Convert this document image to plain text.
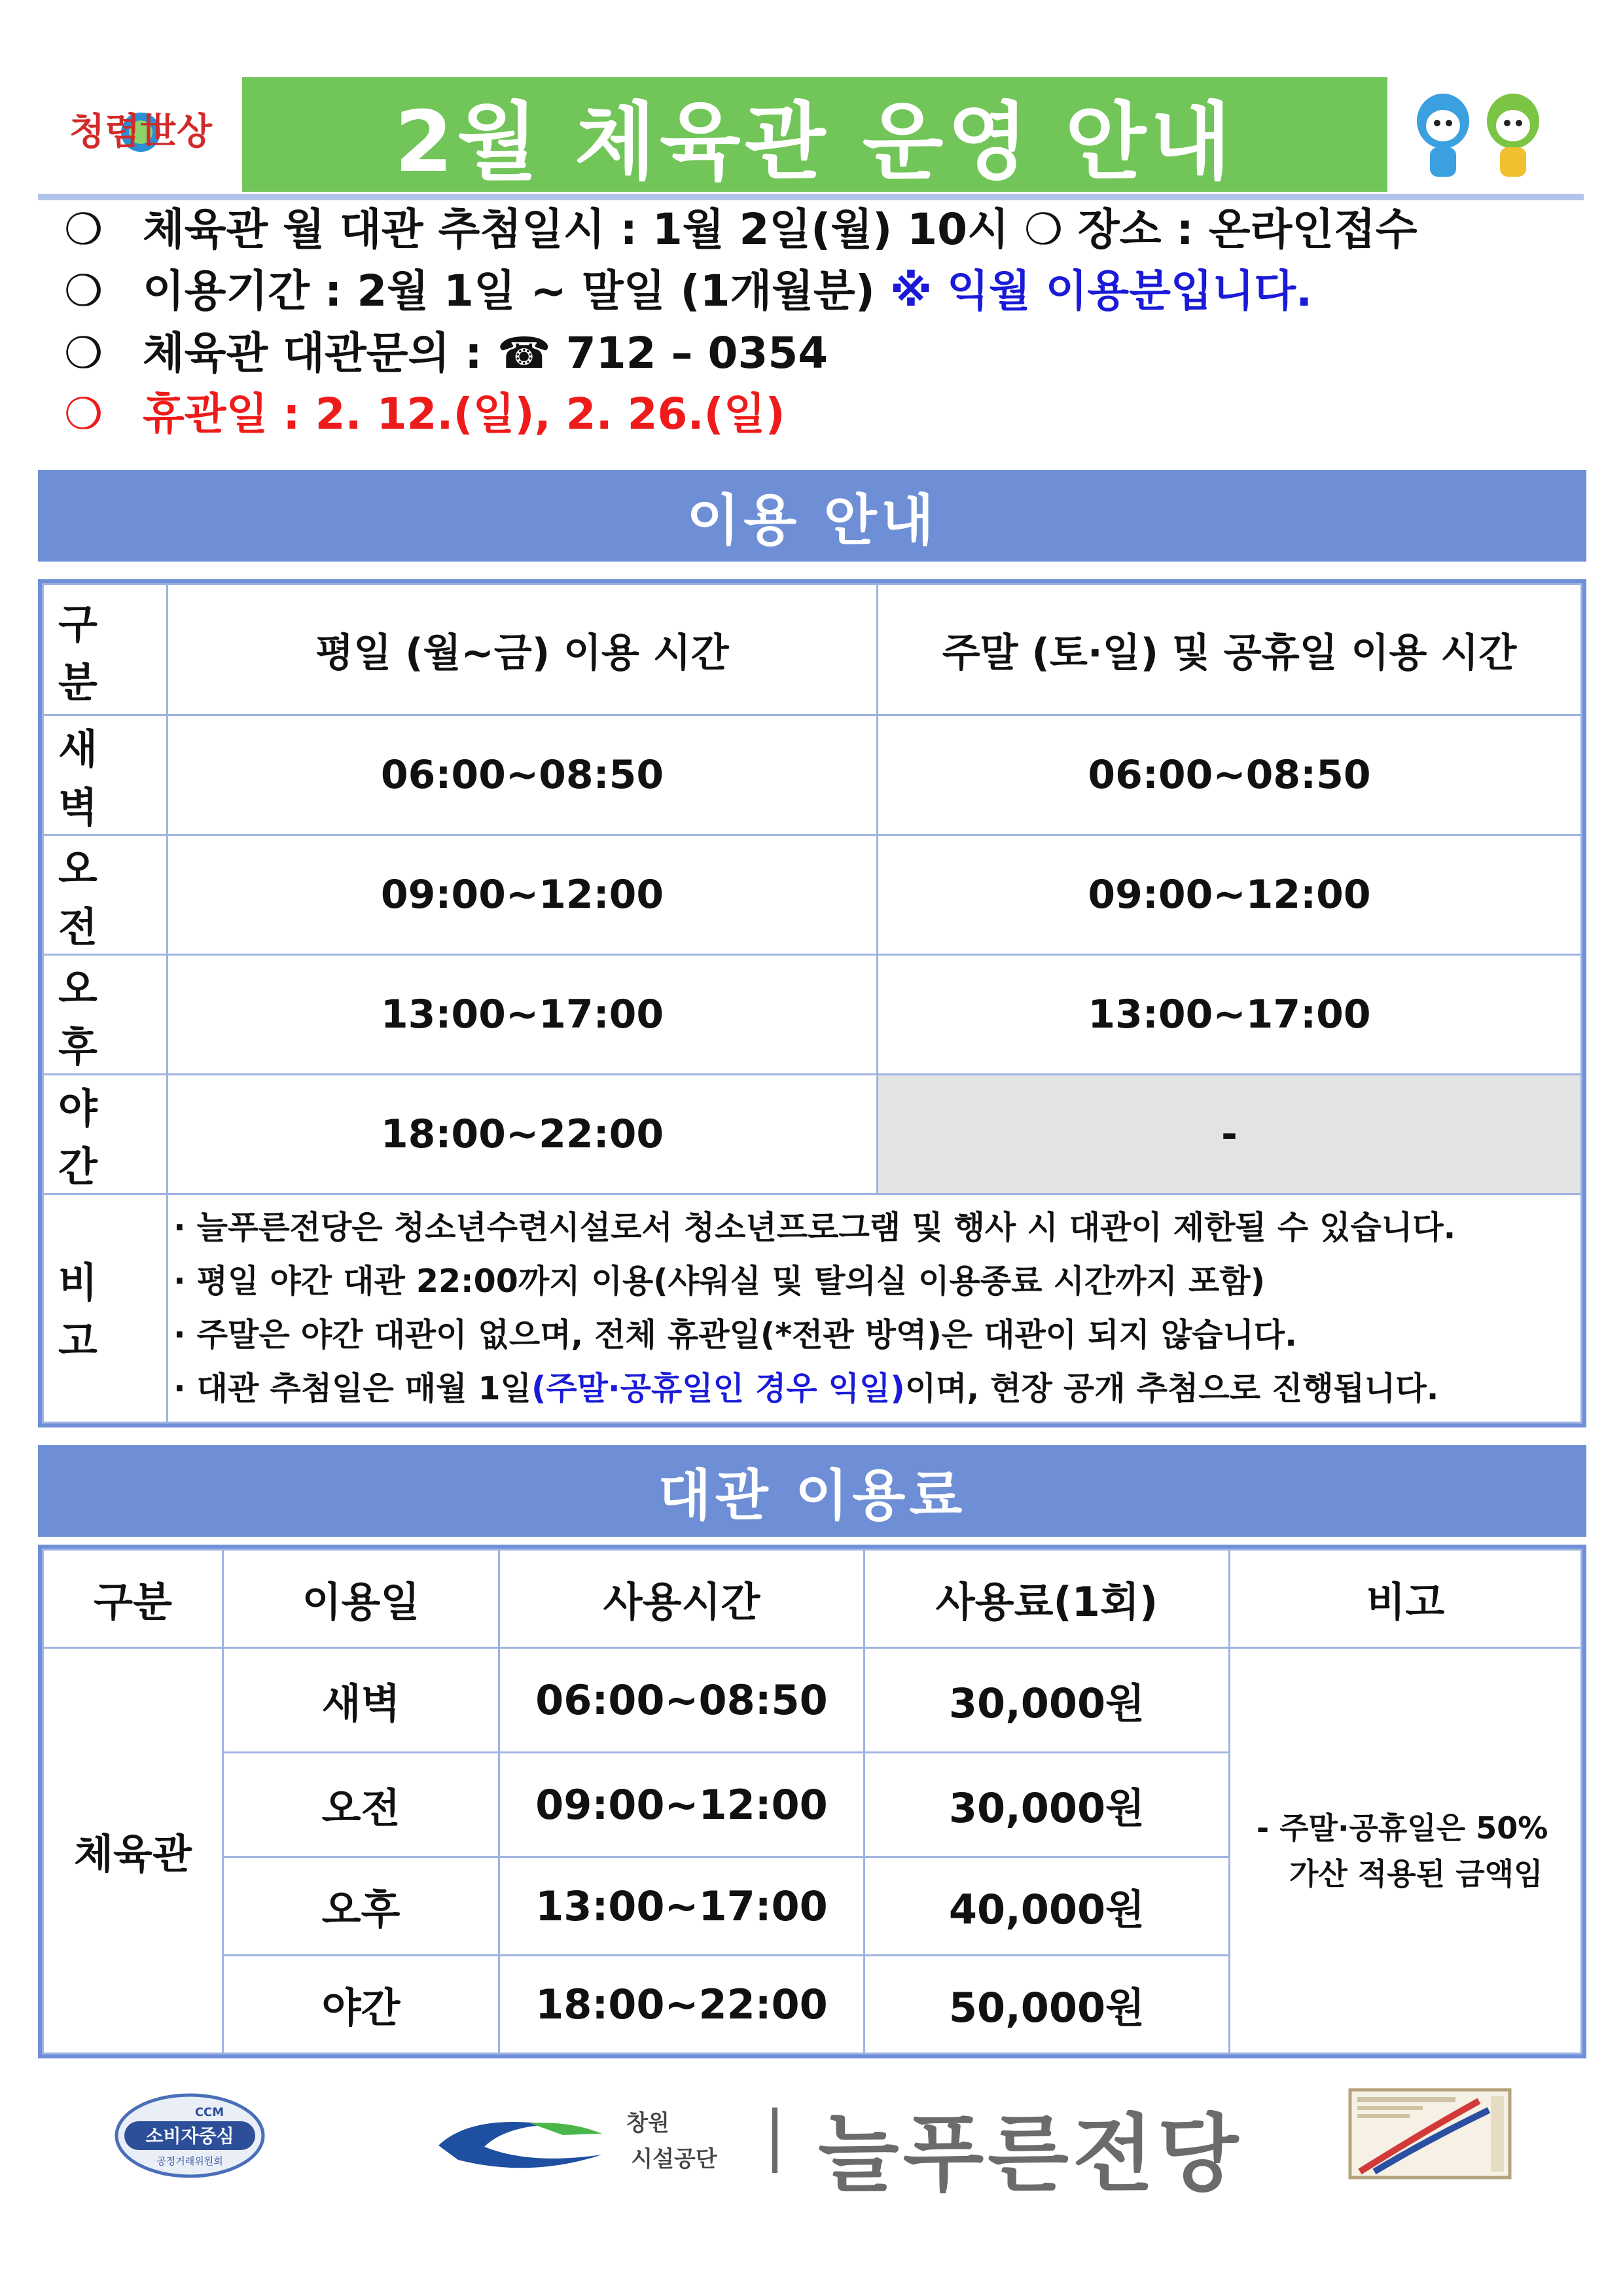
청렴世상 2월 체육관 운영 안내
❍ 체육관 월 대관 추첨일시 : 1월 2일(월) 10시 ❍ 장소 : 온라인접수
❍ 이용기간 : 2월 1일 ~ 말일 (1개월분) ※ 익월 이용분입니다.
❍ 체육관 대관문의 : ☎ 712 – 0354
❍ 휴관일 : 2. 12.(일), 2. 26.(일)
이용 안내
구분	평일 (월~금) 이용 시간	주말 (토·일) 및 공휴일 이용 시간
새벽	06:00~08:50	06:00~08:50
오전	09:00~12:00	09:00~12:00
오후	13:00~17:00	13:00~17:00
야간	18:00~22:00	-
비고	· 늘푸른전당은 청소년수련시설로서 청소년프로그램 및 행사 시 대관이 제한될 수 있습니다.
· 평일 야간 대관 22:00까지 이용(샤워실 및 탈의실 이용종료 시간까지 포함)
· 주말은 야간 대관이 없으며, 전체 휴관일(*전관 방역)은 대관이 되지 않습니다.
· 대관 추첨일은 매월 1일(주말·공휴일인 경우 익일)이며, 현장 공개 추첨으로 진행됩니다.	
대관 이용료
구분	이용일	사용시간	사용료(1회)	비고
체육관	새벽	06:00~08:50	30,000원	- 주말·공휴일은 50%
가산 적용된 금액임

	오전	09:00~12:00	30,000원	
	오후	13:00~17:00	40,000원	
	야간	18:00~22:00	50,000원	
CCM
소비자중심
공정거래위원회
창원
시설공단 늘푸른전당
